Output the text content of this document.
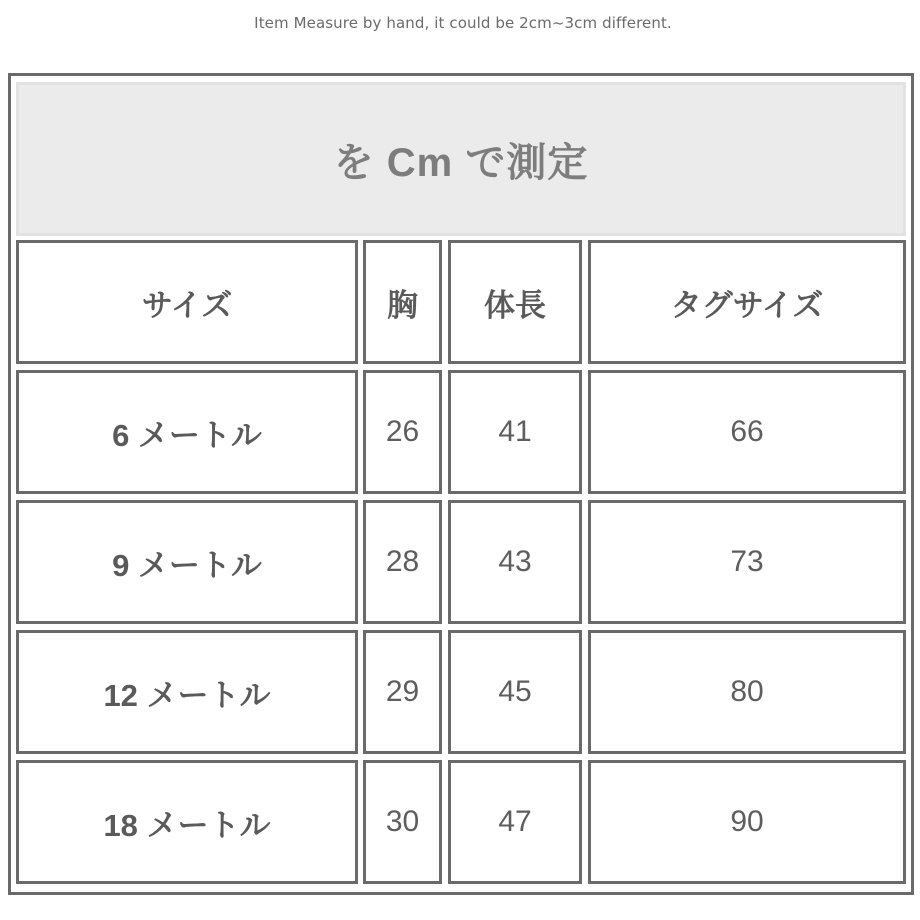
Item Measure by hand, it could be 2cm~3cm different.
を Cm で測定
サイズ	胸	体長	タグサイズ
6 メートル	26	41	66
9 メートル	28	43	73
12 メートル	29	45	80
18 メートル	30	47	90
